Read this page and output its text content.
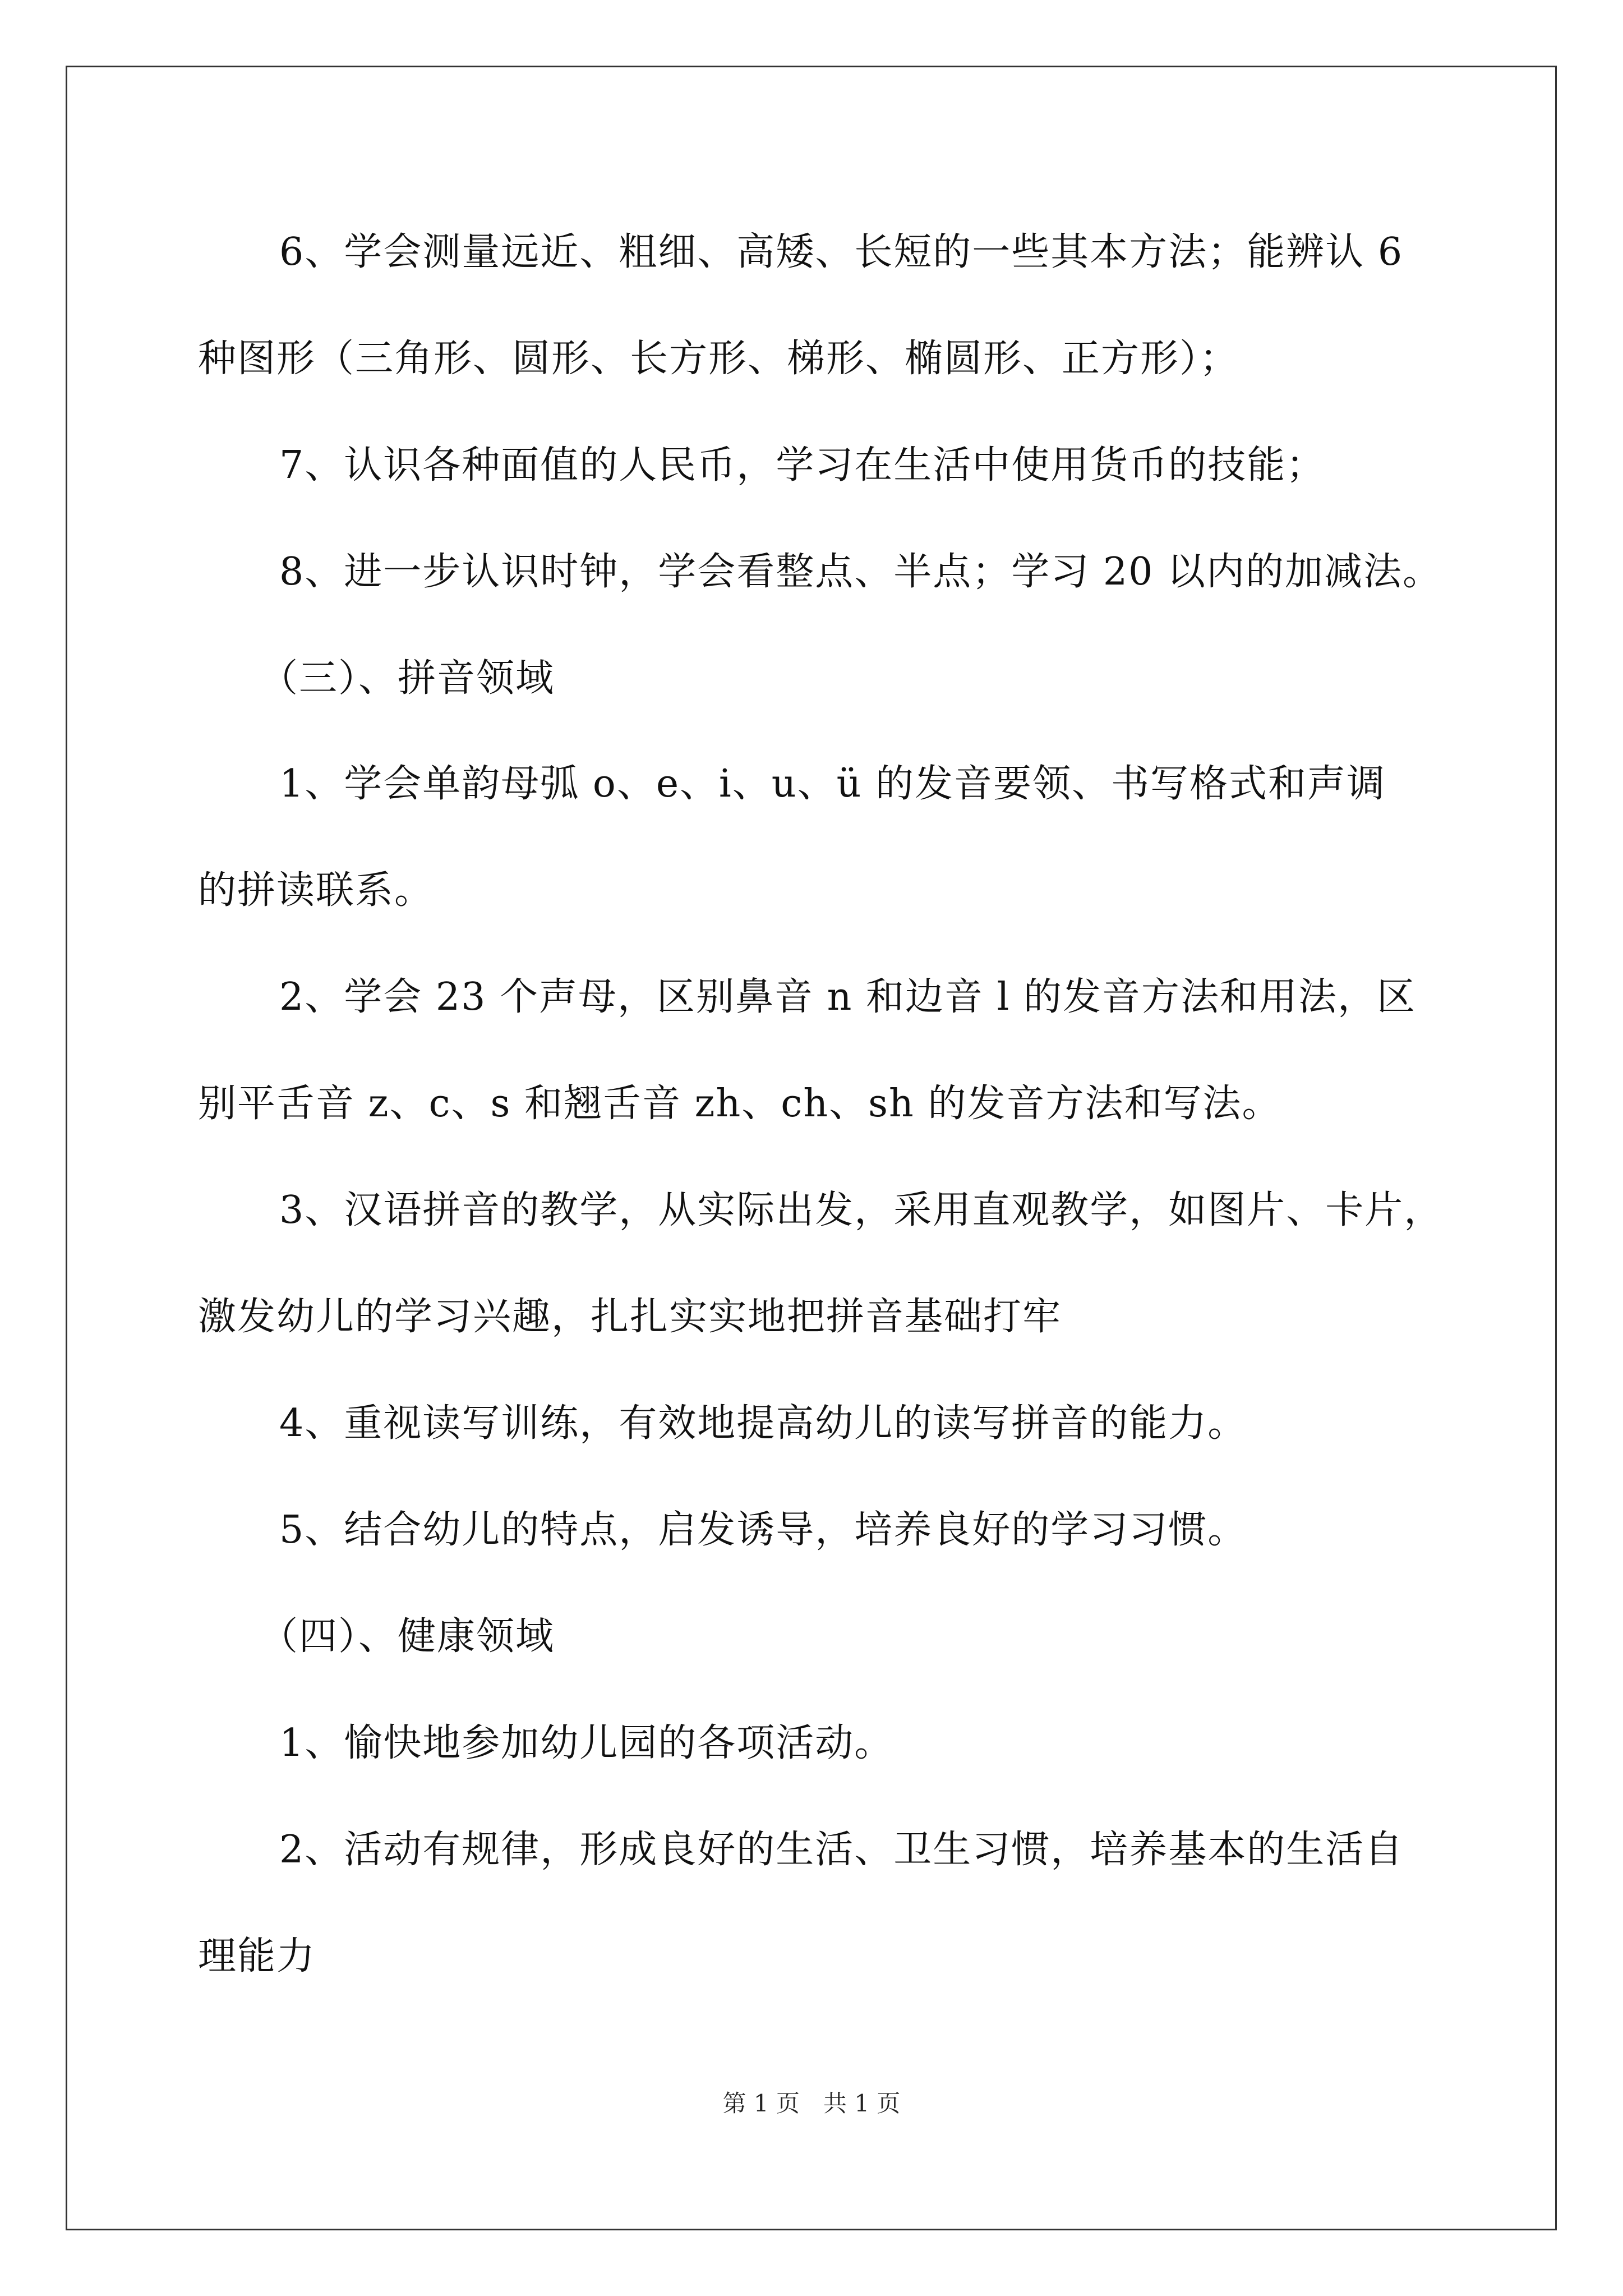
6、学会测量远近、粗细、高矮、长短的一些其本方法；能辨认 6
种图形（三角形、圆形、长方形、梯形、椭圆形、正方形）；
7、认识各种面值的人民币，学习在生活中使用货币的技能；
8、进一步认识时钟，学会看整点、半点；学习 20 以内的加减法。
（三）、拼音领域
1、学会单韵母弧 o、e、i、u、ü 的发音要领、书写格式和声调
的拼读联系。
2、学会 23 个声母，区别鼻音 n 和边音 l 的发音方法和用法，区
别平舌音 z、c、s 和翘舌音 zh、ch、sh 的发音方法和写法。
3、汉语拼音的教学，从实际出发，采用直观教学，如图片、卡片，
激发幼儿的学习兴趣，扎扎实实地把拼音基础打牢
4、重视读写训练，有效地提高幼儿的读写拼音的能力。
5、结合幼儿的特点，启发诱导，培养良好的学习习惯。
（四）、健康领域
1、愉快地参加幼儿园的各项活动。
2、活动有规律，形成良好的生活、卫生习惯，培养基本的生活自
理能力
第 1 页　共 1 页
